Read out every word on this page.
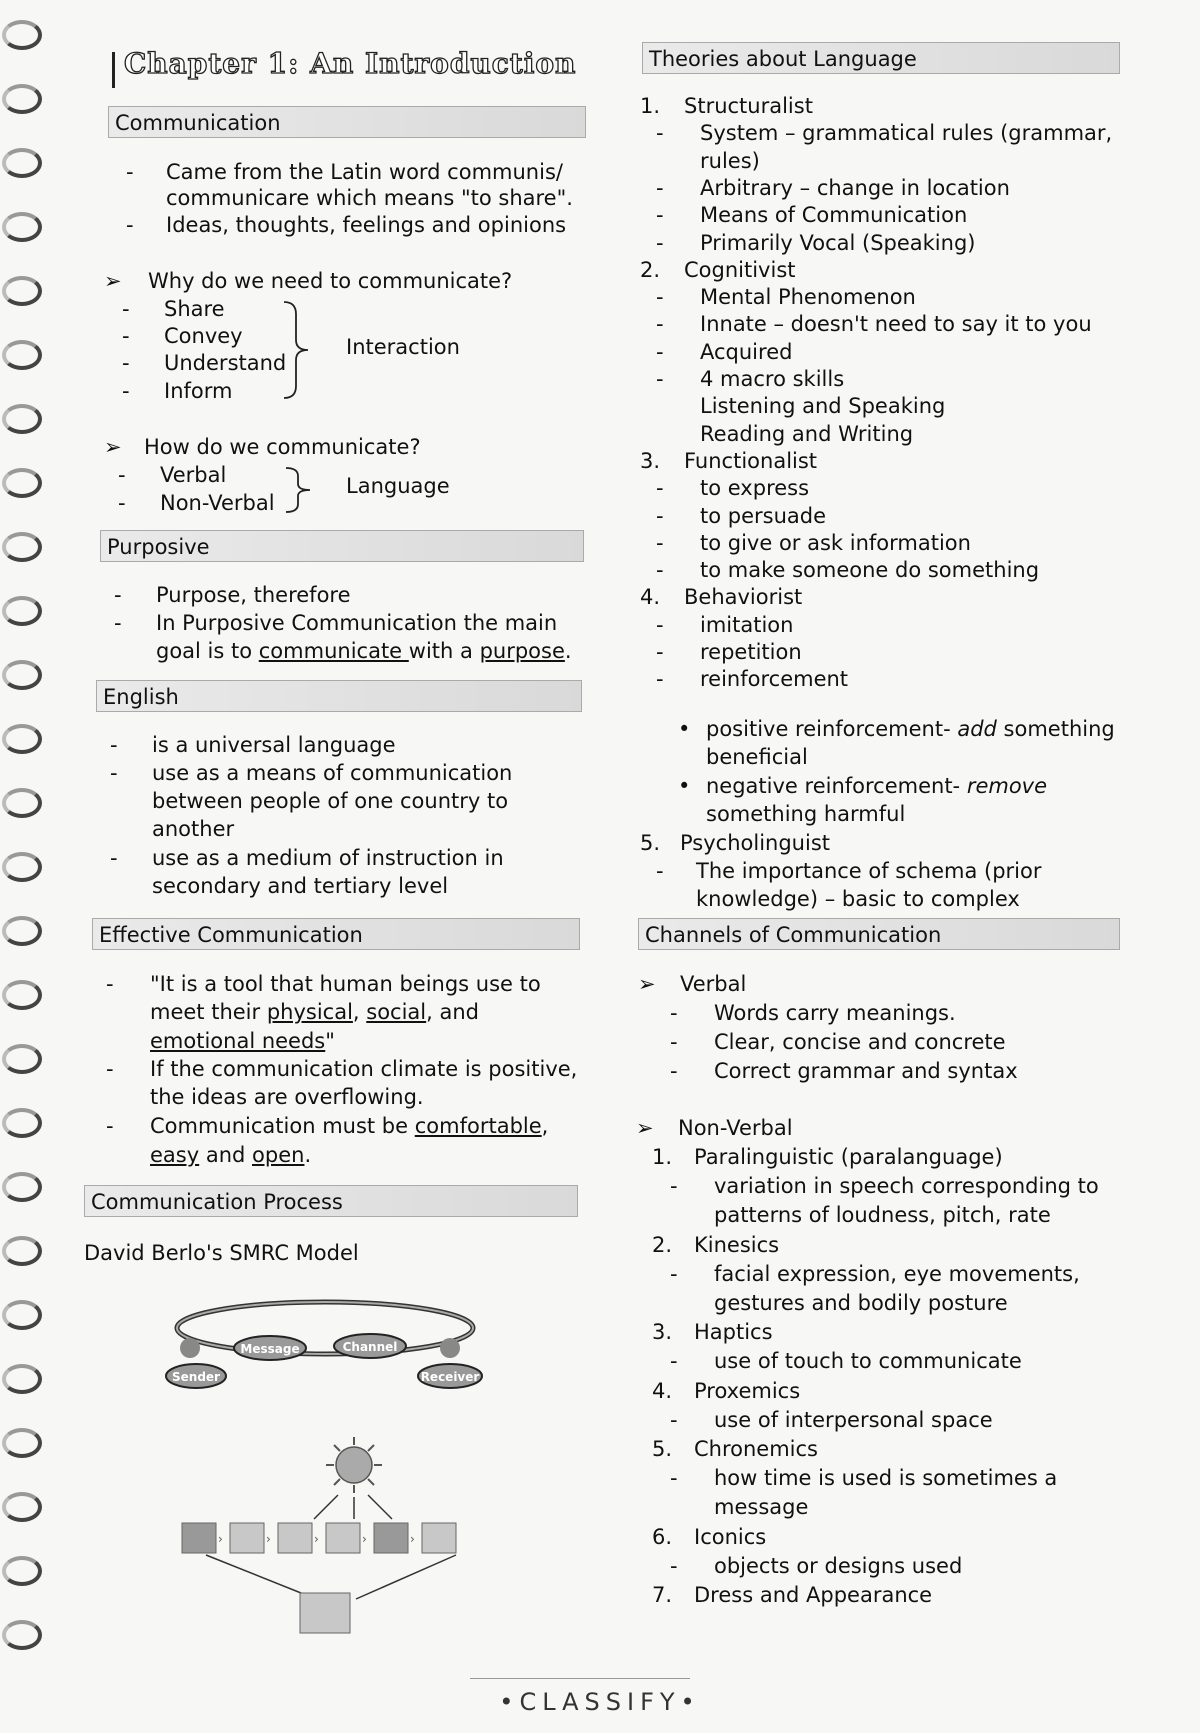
Chapter 1: An Introduction
Communication
- Came from the Latin word communis/
communicare which means "to share".
- Ideas, thoughts, feelings and opinions
➢ Why do we need to communicate?
- Share
- Convey
- Understand
- Inform
Interaction
➢ How do we communicate?
- Verbal
- Non-Verbal
Language
Purposive
- Purpose, therefore
- In Purposive Communication the main
goal is to communicate with a purpose.
English
- is a universal language
- use as a means of communication
between people of one country to
another
- use as a medium of instruction in
secondary and tertiary level
Effective Communication
- "It is a tool that human beings use to
meet their physical, social, and
emotional needs"
- If the communication climate is positive,
the ideas are overflowing.
- Communication must be comfortable,
easy and open.
Communication Process
David Berlo's SMRC Model
Message	Channel
Sender	Receiver
›	›	›	›	›
Theories about Language
1. Structuralist
- System – grammatical rules (grammar,
rules)
- Arbitrary – change in location
- Means of Communication
- Primarily Vocal (Speaking)
2. Cognitivist
- Mental Phenomenon
- Innate – doesn't need to say it to you
- Acquired
- 4 macro skills
Listening and Speaking
Reading and Writing
3. Functionalist
- to express
- to persuade
- to give or ask information
- to make someone do something
4. Behaviorist
- imitation
- repetition
- reinforcement
• positive reinforcement- add something
beneficial
• negative reinforcement- remove
something harmful
5. Psycholinguist
- The importance of schema (prior
knowledge) – basic to complex
Channels of Communication
➢ Verbal
- Words carry meanings.
- Clear, concise and concrete
- Correct grammar and syntax
➢ Non-Verbal
1. Paralinguistic (paralanguage)
- variation in speech corresponding to
patterns of loudness, pitch, rate
2. Kinesics
- facial expression, eye movements,
gestures and bodily posture
3. Haptics
- use of touch to communicate
4. Proxemics
- use of interpersonal space
5. Chronemics
- how time is used is sometimes a
message
6. Iconics
- objects or designs used
7. Dress and Appearance
•CLASSIFY•
